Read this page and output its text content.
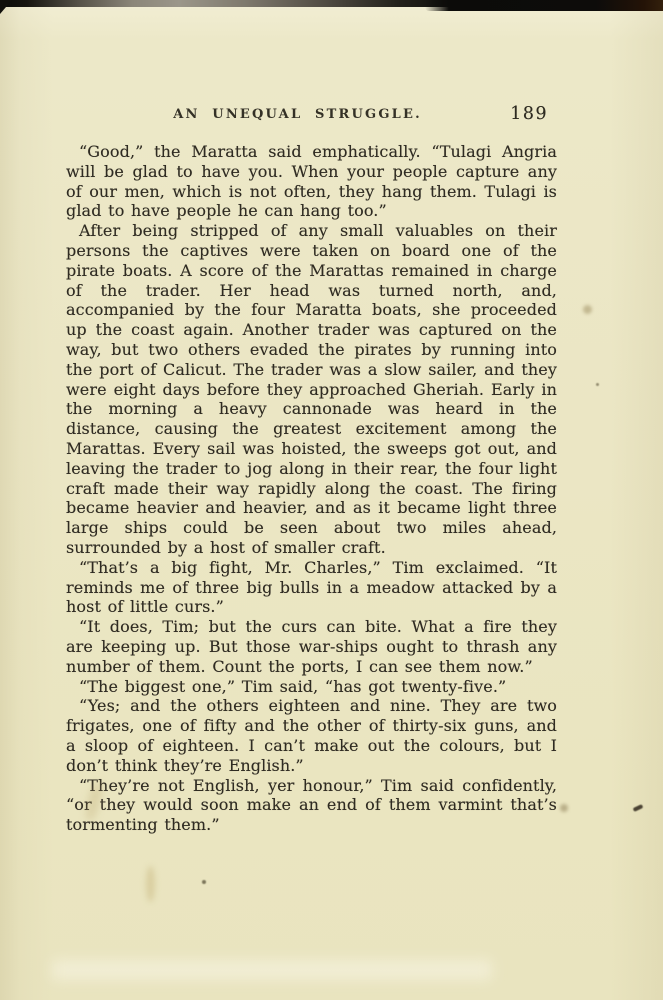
AN UNEQUAL STRUGGLE.	189

“Good,” the Maratta said emphatically. “Tulagi Angria will be glad to have you. When your people capture any of our men, which is not often, they hang them. Tulagi is glad to have people he can hang too.”

After being stripped of any small valuables on their persons the captives were taken on board one of the pirate boats. A score of the Marattas remained in charge of the trader. Her head was turned north, and, accompanied by the four Maratta boats, she proceeded up the coast again. Another trader was captured on the way, but two others evaded the pirates by running into the port of Calicut. The trader was a slow sailer, and they were eight days before they approached Gheriah. Early in the morning a heavy cannonade was heard in the distance, causing the greatest excitement among the Marattas. Every sail was hoisted, the sweeps got out, and leaving the trader to jog along in their rear, the four light craft made their way rapidly along the coast. The firing became heavier and heavier, and as it became light three large ships could be seen about two miles ahead, surrounded by a host of smaller craft.

“That’s a big fight, Mr. Charles,” Tim exclaimed. “It reminds me of three big bulls in a meadow attacked by a host of little curs.”

“It does, Tim; but the curs can bite. What a fire they are keeping up. But those war-ships ought to thrash any number of them. Count the ports, I can see them now.”

“The biggest one,” Tim said, “has got twenty-five.”

“Yes; and the others eighteen and nine. They are two frigates, one of fifty and the other of thirty-six guns, and a sloop of eighteen. I can’t make out the colours, but I don’t think they’re English.”

“They’re not English, yer honour,” Tim said confidently, “or they would soon make an end of them varmint that’s tormenting them.”
